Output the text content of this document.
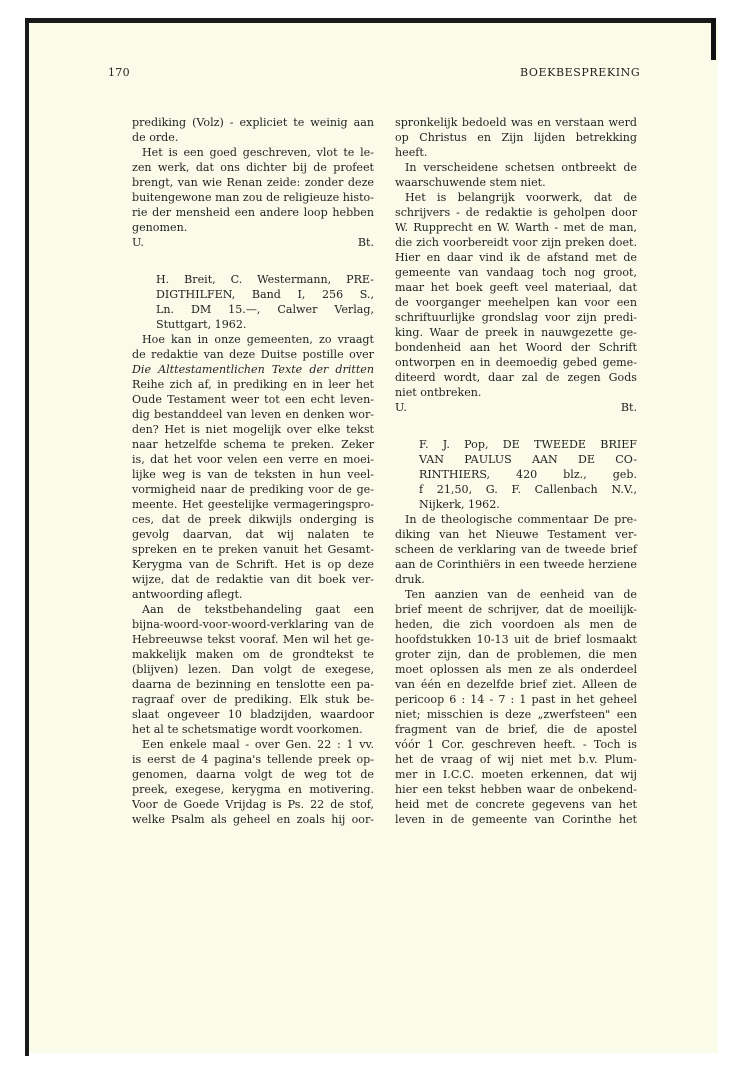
170	BOEKBESPREKING
prediking (Volz) - expliciet te weinig aan
de orde.
Het is een goed geschreven, vlot te le-
zen werk, dat ons dichter bij de profeet
brengt, van wie Renan zeide: zonder deze
buitengewone man zou de religieuze histo-
rie der mensheid een andere loop hebben
genomen.
U.	Bt.
H. Breit, C. Westermann, PRE-
DIGTHILFEN, Band I, 256 S.,
Ln. DM 15.—, Calwer Verlag,
Stuttgart, 1962.
Hoe kan in onze gemeenten, zo vraagt
de redaktie van deze Duitse postille over
Die Alttestamentlichen Texte der dritten
Reihe zich af, in prediking en in leer het
Oude Testament weer tot een echt leven-
dig bestanddeel van leven en denken wor-
den? Het is niet mogelijk over elke tekst
naar hetzelfde schema te preken. Zeker
is, dat het voor velen een verre en moei-
lijke weg is van de teksten in hun veel-
vormigheid naar de prediking voor de ge-
meente. Het geestelijke vermageringspro-
ces, dat de preek dikwijls onderging is
gevolg daarvan, dat wij nalaten te
spreken en te preken vanuit het Gesamt-
Kerygma van de Schrift. Het is op deze
wijze, dat de redaktie van dit boek ver-
antwoording aflegt.
Aan de tekstbehandeling gaat een
bijna-woord-voor-woord-verklaring van de
Hebreeuwse tekst vooraf. Men wil het ge-
makkelijk maken om de grondtekst te
(blijven) lezen. Dan volgt de exegese,
daarna de bezinning en tenslotte een pa-
ragraaf over de prediking. Elk stuk be-
slaat ongeveer 10 bladzijden, waardoor
het al te schetsmatige wordt voorkomen.
Een enkele maal - over Gen. 22 : 1 vv.
is eerst de 4 pagina's tellende preek op-
genomen, daarna volgt de weg tot de
preek, exegese, kerygma en motivering.
Voor de Goede Vrijdag is Ps. 22 de stof,
welke Psalm als geheel en zoals hij oor-
spronkelijk bedoeld was en verstaan werd
op Christus en Zijn lijden betrekking
heeft.
In verscheidene schetsen ontbreekt de
waarschuwende stem niet.
Het is belangrijk voorwerk, dat de
schrijvers - de redaktie is geholpen door
W. Rupprecht en W. Warth - met de man,
die zich voorbereidt voor zijn preken doet.
Hier en daar vind ik de afstand met de
gemeente van vandaag toch nog groot,
maar het boek geeft veel materiaal, dat
de voorganger meehelpen kan voor een
schriftuurlijke grondslag voor zijn predi-
king. Waar de preek in nauwgezette ge-
bondenheid aan het Woord der Schrift
ontworpen en in deemoedig gebed geme-
diteerd wordt, daar zal de zegen Gods
niet ontbreken.
U.	Bt.
F. J. Pop, DE TWEEDE BRIEF
VAN PAULUS AAN DE CO-
RINTHIERS, 420 blz., geb.
f 21,50, G. F. Callenbach N.V.,
Nijkerk, 1962.
In de theologische commentaar De pre-
diking van het Nieuwe Testament ver-
scheen de verklaring van de tweede brief
aan de Corinthiërs in een tweede herziene
druk.
Ten aanzien van de eenheid van de
brief meent de schrijver, dat de moeilijk-
heden, die zich voordoen als men de
hoofdstukken 10-13 uit de brief losmaakt
groter zijn, dan de problemen, die men
moet oplossen als men ze als onderdeel
van één en dezelfde brief ziet. Alleen de
pericoop 6 : 14 - 7 : 1 past in het geheel
niet; misschien is deze „zwerfsteen" een
fragment van de brief, die de apostel
vóór 1 Cor. geschreven heeft. - Toch is
het de vraag of wij niet met b.v. Plum-
mer in I.C.C. moeten erkennen, dat wij
hier een tekst hebben waar de onbekend-
heid met de concrete gegevens van het
leven in de gemeente van Corinthe het
